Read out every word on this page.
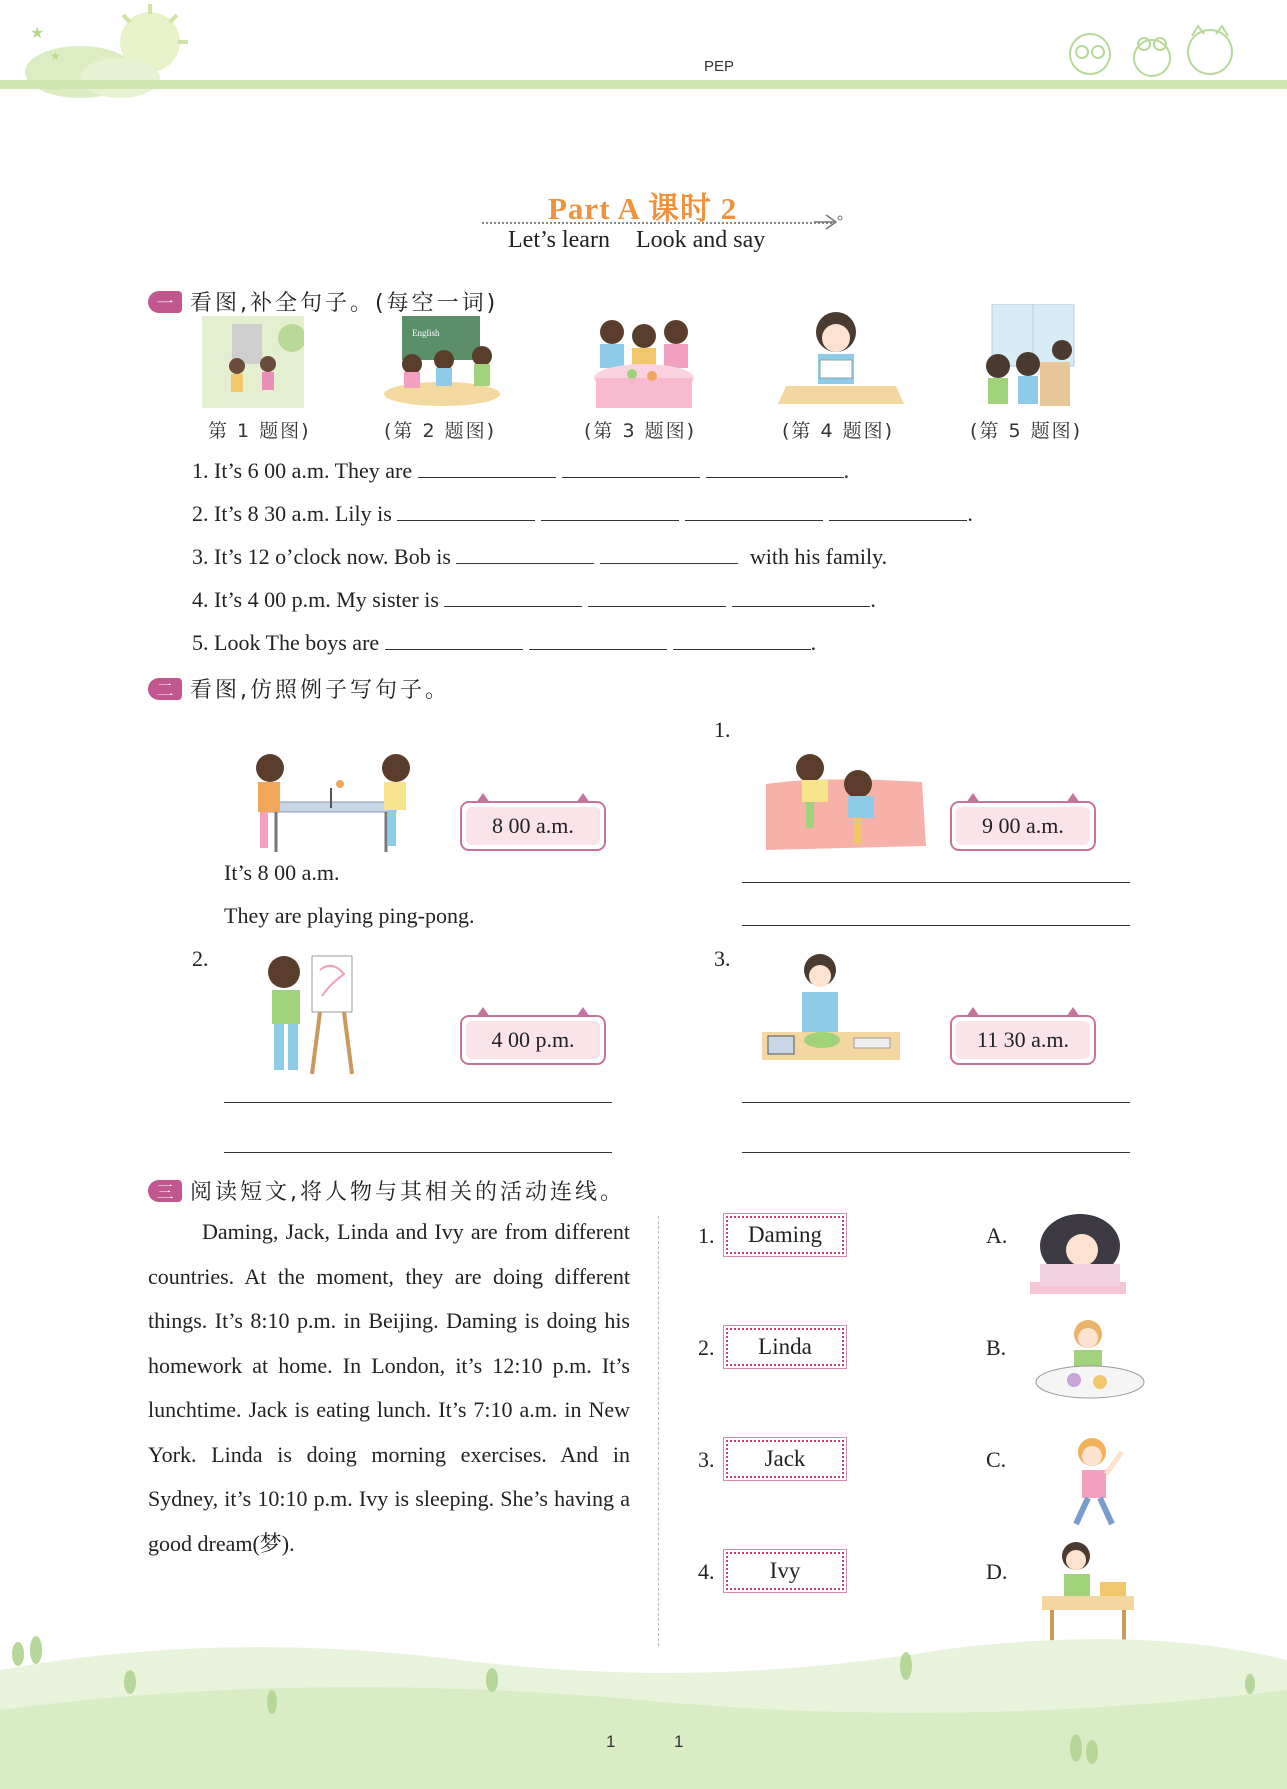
★
★
PEP
Part A 课时 2
Let’s learn Look and say
一 看图,补全句子。(每空一词)
English
第 1 题图)	(第 2 题图)	(第 3 题图)	(第 4 题图)	(第 5 题图)
1. It’s 6 00 a.m. They are	.
2. It’s 8 30 a.m. Lily is	.
3. It’s 12 o’clock now. Bob is	with his family.
4. It’s 4 00 p.m. My sister is	.
5. Look The boys are	.
二 看图,仿照例子写句子。
8 00 a.m.
It’s 8 00 a.m.
They are playing ping-pong.
1.
9 00 a.m.
2.
4 00 p.m.
3.
11 30 a.m.
三 阅读短文,将人物与其相关的活动连线。

Daming, Jack, Linda and Ivy are from different countries. At the moment, they are doing different things. It’s 8:10 p.m. in Beijing. Daming is doing his homework at home. In London, it’s 12:10 p.m. It’s lunchtime. Jack is eating lunch. It’s 7:10 a.m. in New York. Linda is doing morning exercises. And in Sydney, it’s 10:10 p.m. Ivy is sleeping. She’s having a good dream(梦).

1.	Daming
2.	Linda
3.	Jack
4.	Ivy
A.
B.
C.
D.
1	1
